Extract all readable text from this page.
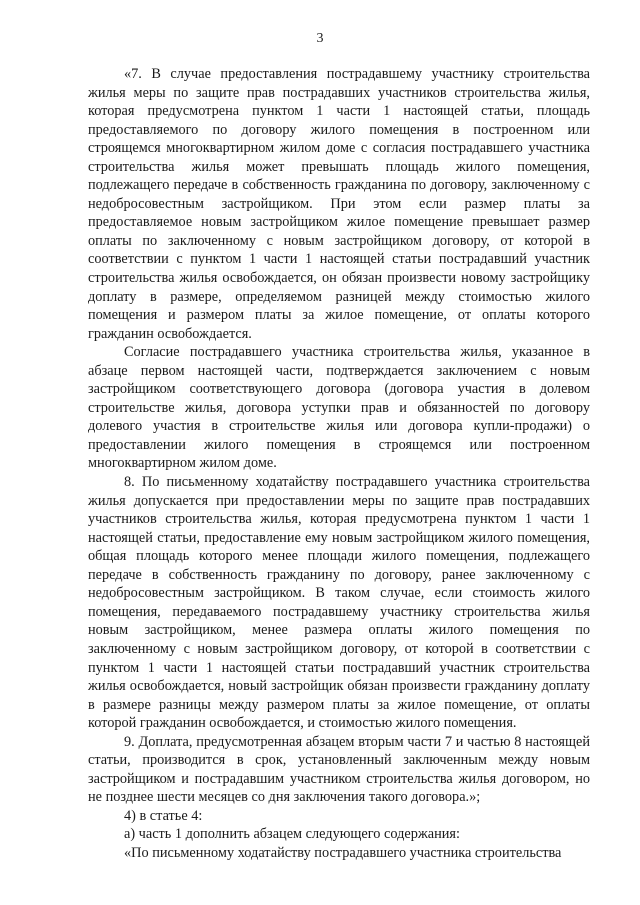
3

«7. В случае предоставления пострадавшему участнику строительства жилья меры по защите прав пострадавших участников строительства жилья, которая предусмотрена пунктом 1 части 1 настоящей статьи, площадь предоставляемого по договору жилого помещения в построенном или строящемся многоквартирном жилом доме с согласия пострадавшего участника строительства жилья может превышать площадь жилого помещения, подлежащего передаче в собственность гражданина по договору, заключенному с недобросовестным застройщиком. При этом если размер платы за предоставляемое новым застройщиком жилое помещение превышает размер оплаты по заключенному с новым застройщиком договору, от которой в соответствии с пунктом 1 части 1 настоящей статьи пострадавший участник строительства жилья освобождается, он обязан произвести новому застройщику доплату в размере, определяемом разницей между стоимостью жилого помещения и размером платы за жилое помещение, от оплаты которого гражданин освобождается.

Согласие пострадавшего участника строительства жилья, указанное в абзаце первом настоящей части, подтверждается заключением с новым застройщиком соответствующего договора (договора участия в долевом строительстве жилья, договора уступки прав и обязанностей по договору долевого участия в строительстве жилья или договора купли-продажи) о предоставлении жилого помещения в строящемся или построенном многоквартирном жилом доме.

8. По письменному ходатайству пострадавшего участника строительства жилья допускается при предоставлении меры по защите прав пострадавших участников строительства жилья, которая предусмотрена пунктом 1 части 1 настоящей статьи, предоставление ему новым застройщиком жилого помещения, общая площадь которого менее площади жилого помещения, подлежащего передаче в собственность гражданину по договору, ранее заключенному с недобросовестным застройщиком. В таком случае, если стоимость жилого помещения, передаваемого пострадавшему участнику строительства жилья новым застройщиком, менее размера оплаты жилого помещения по заключенному с новым застройщиком договору, от которой в соответствии с пунктом 1 части 1 настоящей статьи пострадавший участник строительства жилья освобождается, новый застройщик обязан произвести гражданину доплату в размере разницы между размером платы за жилое помещение, от оплаты которой гражданин освобождается, и стоимостью жилого помещения.

9. Доплата, предусмотренная абзацем вторым части 7 и частью 8 настоящей статьи, производится в срок, установленный заключенным между новым застройщиком и пострадавшим участником строительства жилья договором, но не позднее шести месяцев со дня заключения такого договора.»;

4) в статье 4:

а) часть 1 дополнить абзацем следующего содержания:

«По письменному ходатайству пострадавшего участника строительства
